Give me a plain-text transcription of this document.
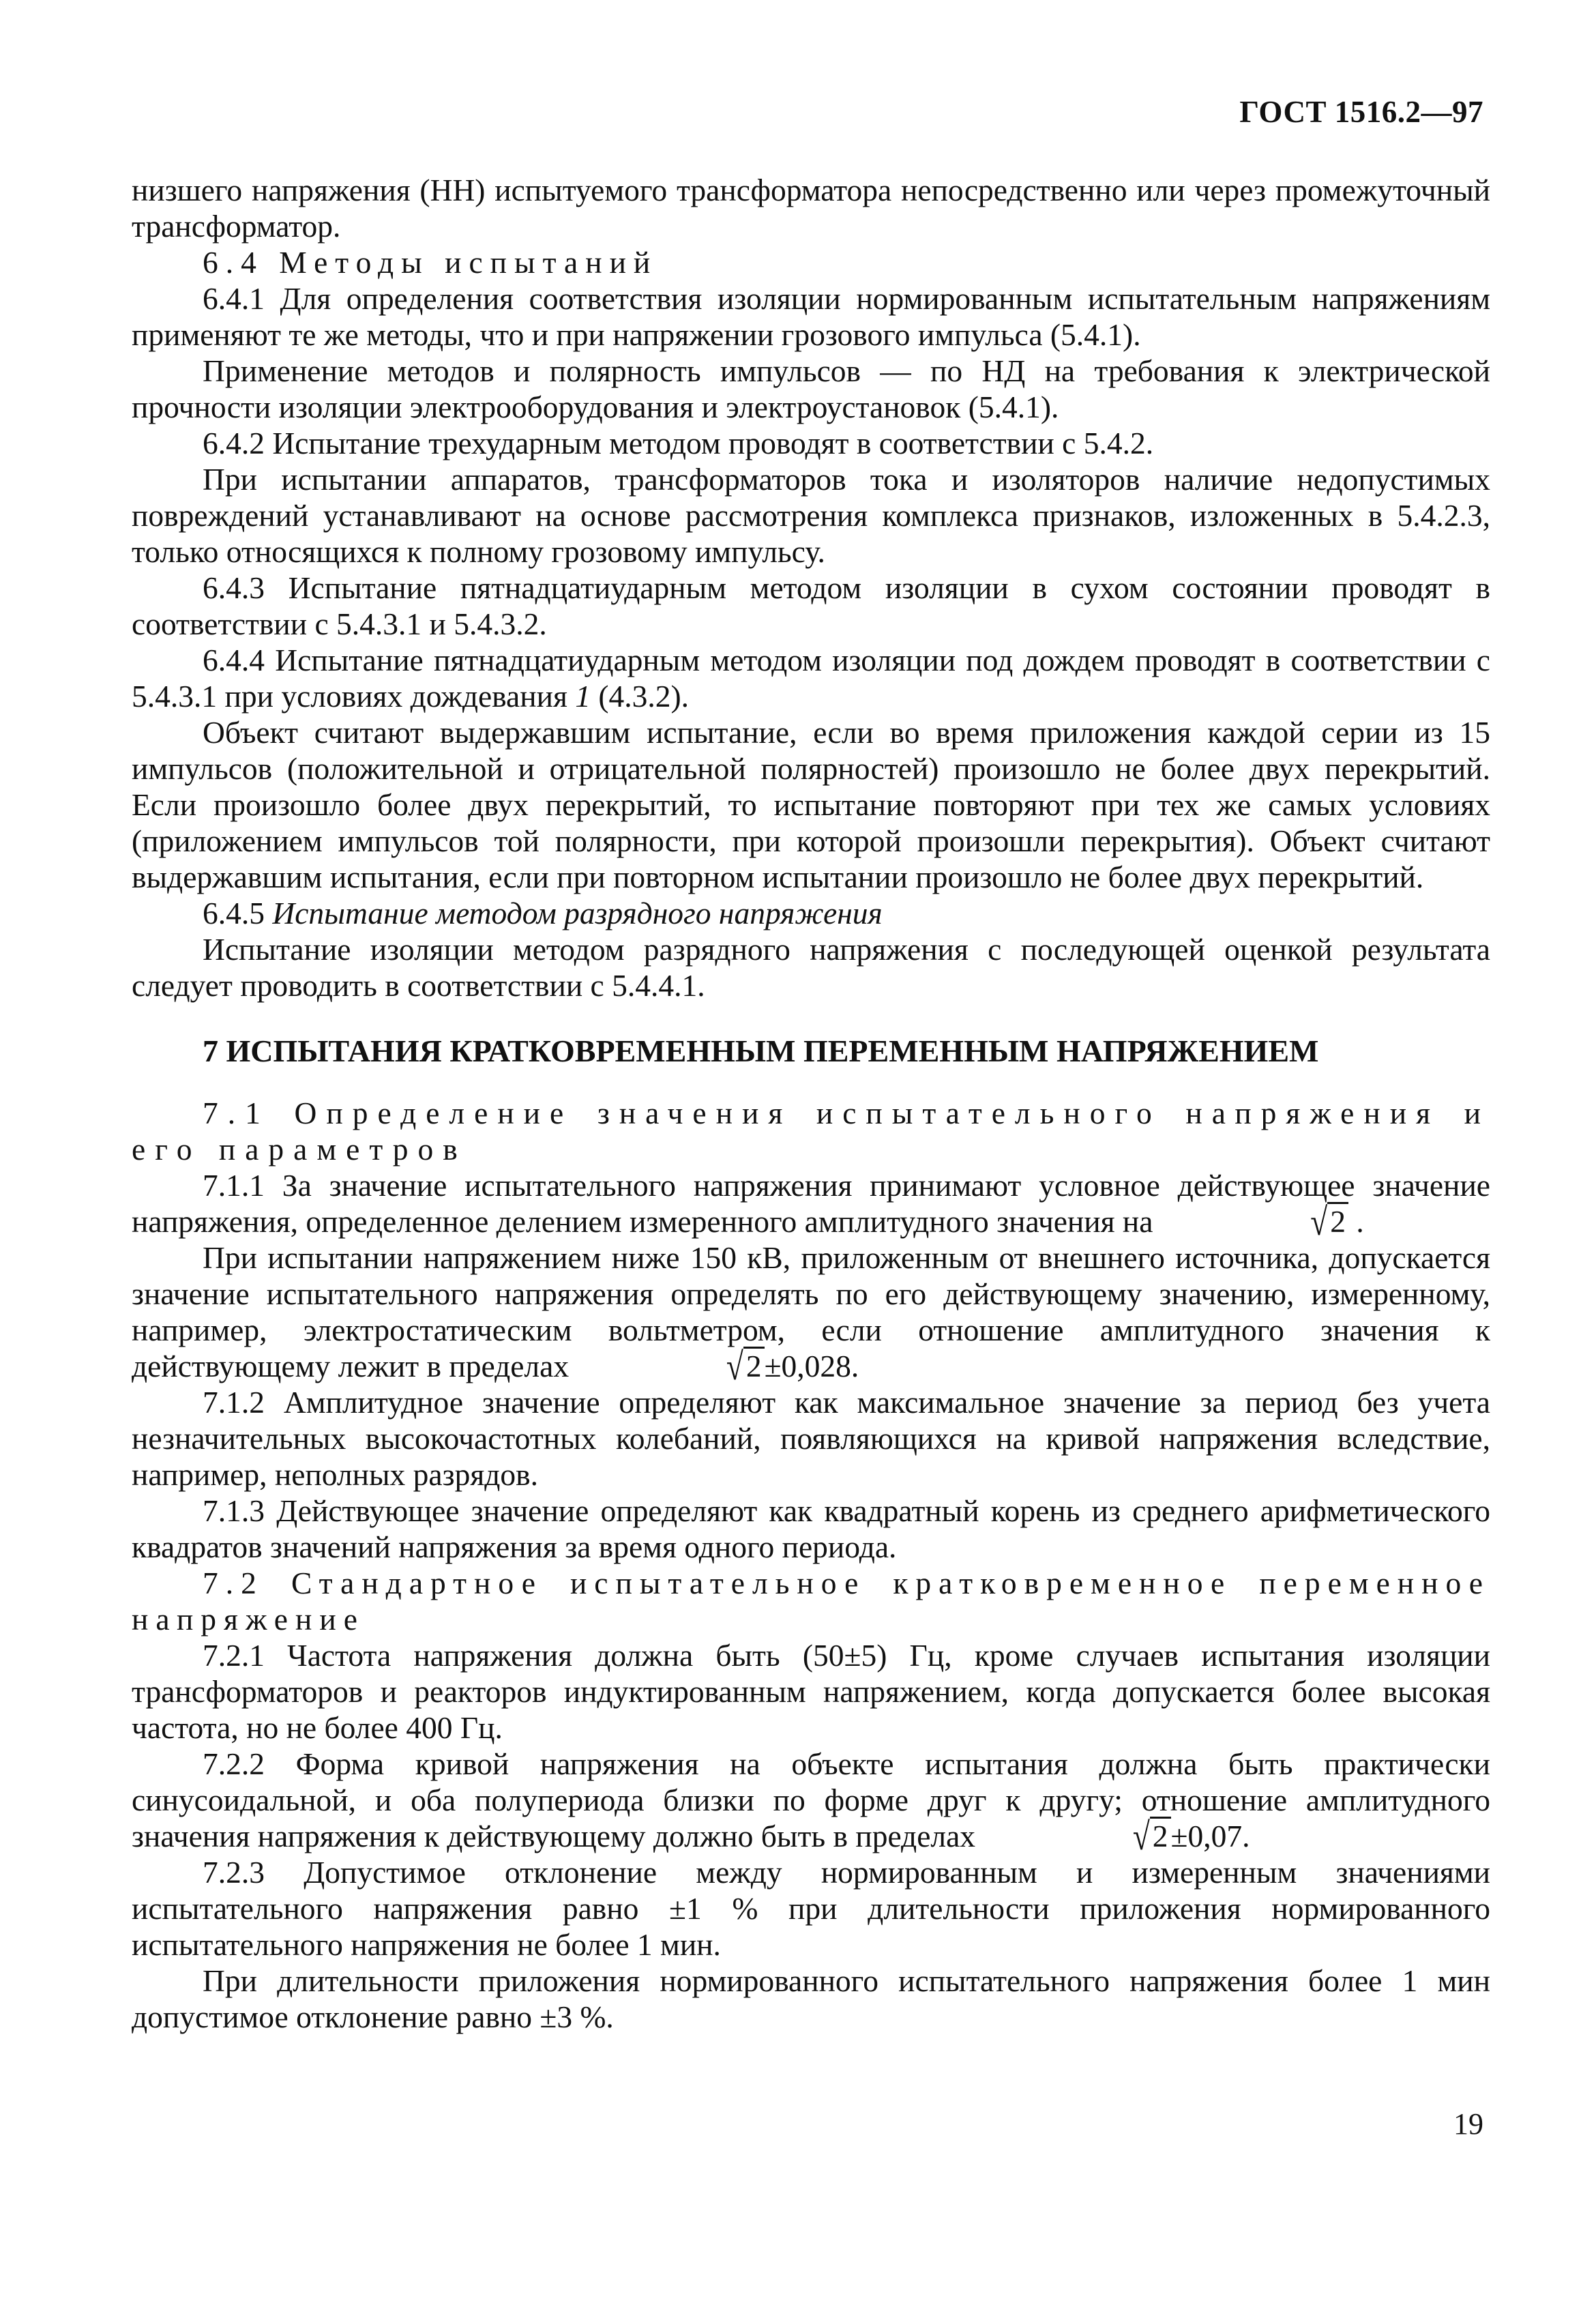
ГОСТ 1516.2—97

низшего напряжения (НН) испытуемого трансформатора непосредственно или через промежуточный трансформатор.

6.4 Методы испытаний

6.4.1 Для определения соответствия изоляции нормированным испытательным напряжениям применяют те же методы, что и при напряжении грозового импульса (5.4.1).

Применение методов и полярность импульсов — по НД на требования к электрической прочности изоляции электрооборудования и электроустановок (5.4.1).

6.4.2 Испытание трехударным методом проводят в соответствии с 5.4.2.

При испытании аппаратов, трансформаторов тока и изоляторов наличие недопустимых повреждений устанавливают на основе рассмотрения комплекса признаков, изложенных в 5.4.2.3, только относящихся к полному грозовому импульсу.

6.4.3 Испытание пятнадцатиударным методом изоляции в сухом состоянии проводят в соответствии с 5.4.3.1 и 5.4.3.2.

6.4.4 Испытание пятнадцатиударным методом изоляции под дождем проводят в соответствии с 5.4.3.1 при условиях дождевания 1 (4.3.2).

Объект считают выдержавшим испытание, если во время приложения каждой серии из 15 импульсов (положительной и отрицательной полярностей) произошло не более двух перекрытий. Если произошло более двух перекрытий, то испытание повторяют при тех же самых условиях (приложением импульсов той полярности, при которой произошли перекрытия). Объект считают выдержавшим испытания, если при повторном испытании произошло не более двух перекрытий.

6.4.5 Испытание методом разрядного напряжения

Испытание изоляции методом разрядного напряжения с последующей оценкой результата следует проводить в соответствии с 5.4.4.1.

7 ИСПЫТАНИЯ КРАТКОВРЕМЕННЫМ ПЕРЕМЕННЫМ НАПРЯЖЕНИЕМ

7.1 Определение значения испытательного напряжения и его параметров

7.1.1 За значение испытательного напряжения принимают условное действующее значение напряжения, определенное делением измеренного амплитудного значения на	√2 .

При испытании напряжением ниже 150 кВ, приложенным от внешнего источника, допускается значение испытательного напряжения определять по его действующему значению, измеренному, например, электростатическим вольтметром, если отношение амплитудного значения к действующему лежит в пределах	√2±0,028.

7.1.2 Амплитудное значение определяют как максимальное значение за период без учета незначительных высокочастотных колебаний, появляющихся на кривой напряжения вследствие, например, неполных разрядов.

7.1.3 Действующее значение определяют как квадратный корень из среднего арифметического квадратов значений напряжения за время одного периода.

7.2 Стандартное испытательное кратковременное переменное напряжение

7.2.1 Частота напряжения должна быть (50±5) Гц, кроме случаев испытания изоляции трансформаторов и реакторов индуктированным напряжением, когда допускается более высокая частота, но не более 400 Гц.

7.2.2 Форма кривой напряжения на объекте испытания должна быть практически синусоидальной, и оба полупериода близки по форме друг к другу; отношение амплитудного значения напряжения к действующему должно быть в пределах	√2±0,07.

7.2.3 Допустимое отклонение между нормированным и измеренным значениями испытательного напряжения равно ±1 % при длительности приложения нормированного испытательного напряжения не более 1 мин.

При длительности приложения нормированного испытательного напряжения более 1 мин допустимое отклонение равно ±3 %.

19
